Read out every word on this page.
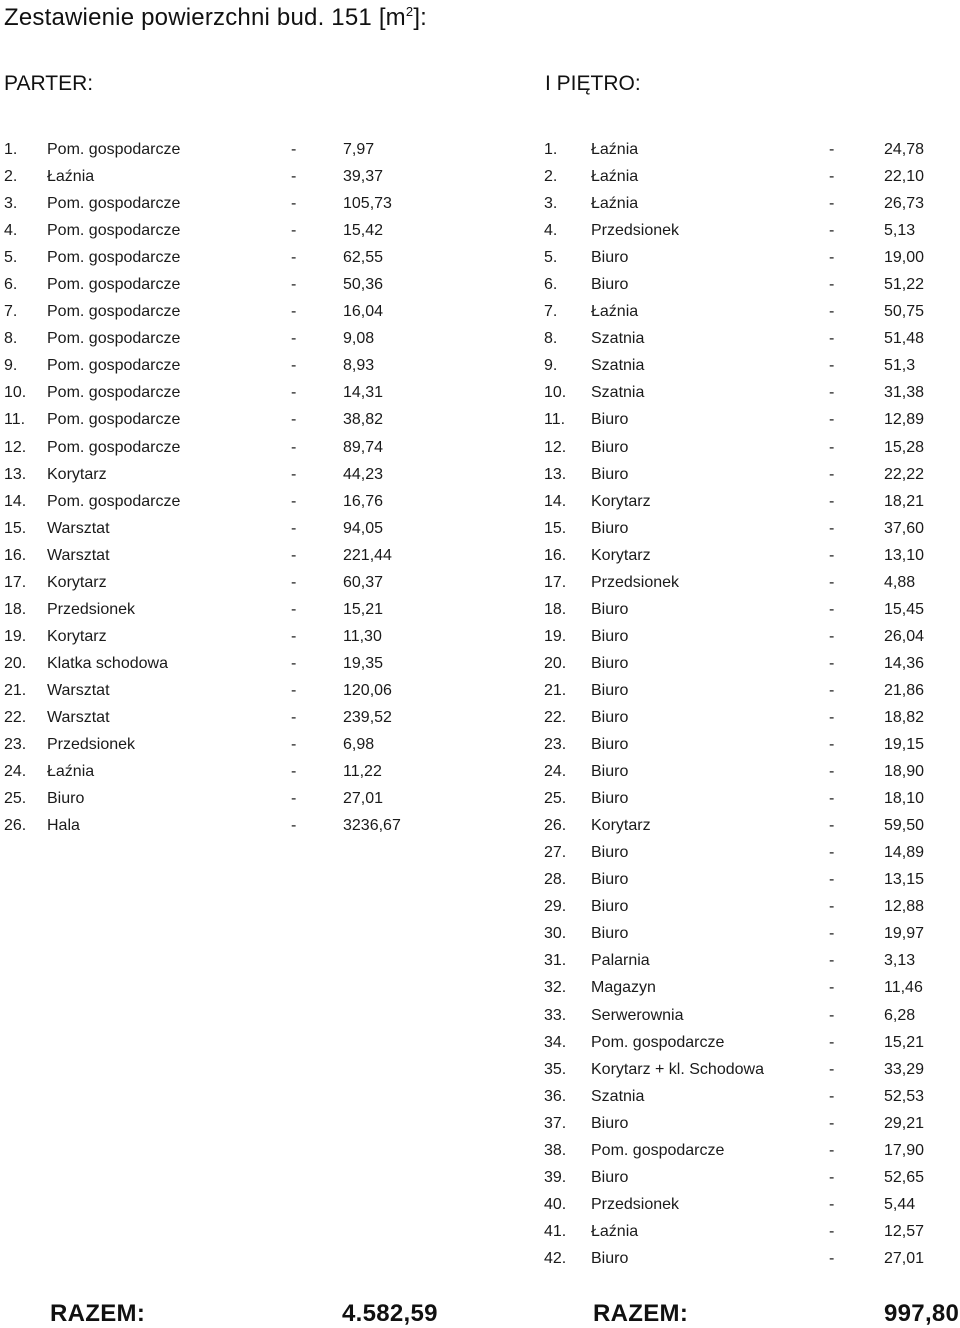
Zestawienie powierzchni bud. 151 $[m^2]$:
PARTER:	I PIĘTRO:
1. Pom. gospodarcze	-	7,97
2. Łaźnia	-	39,37
3. Pom. gospodarcze	-	105,73
4. Pom. gospodarcze	-	15,42
5. Pom. gospodarcze	-	62,55
6. Pom. gospodarcze	-	50,36
7. Pom. gospodarcze	-	16,04
8. Pom. gospodarcze	-	9,08
9. Pom. gospodarcze	-	8,93
10. Pom. gospodarcze	-	14,31
11. Pom. gospodarcze	-	38,82
12. Pom. gospodarcze	-	89,74
13. Korytarz	-	44,23
14. Pom. gospodarcze	-	16,76
15. Warsztat	-	94,05
16. Warsztat	-	221,44
17. Korytarz	-	60,37
18. Przedsionek	-	15,21
19. Korytarz	-	11,30
20. Klatka schodowa	-	19,35
21. Warsztat	-	120,06
22. Warsztat	-	239,52
23. Przedsionek	-	6,98
24. Łaźnia	-	11,22
25. Biuro	-	27,01
26. Hala	-	3236,67
1. Łaźnia	-	24,78
2. Łaźnia	-	22,10
3. Łaźnia	-	26,73
4. Przedsionek	-	5,13
5. Biuro	-	19,00
6. Biuro	-	51,22
7. Łaźnia	-	50,75
8. Szatnia	-	51,48
9. Szatnia	-	51,3
10. Szatnia	-	31,38
11. Biuro	-	12,89
12. Biuro	-	15,28
13. Biuro	-	22,22
14. Korytarz	-	18,21
15. Biuro	-	37,60
16. Korytarz	-	13,10
17. Przedsionek	-	4,88
18. Biuro	-	15,45
19. Biuro	-	26,04
20. Biuro	-	14,36
21. Biuro	-	21,86
22. Biuro	-	18,82
23. Biuro	-	19,15
24. Biuro	-	18,90
25. Biuro	-	18,10
26. Korytarz	-	59,50
27. Biuro	-	14,89
28. Biuro	-	13,15
29. Biuro	-	12,88
30. Biuro	-	19,97
31. Palarnia	-	3,13
32. Magazyn	-	11,46
33. Serwerownia	-	6,28
34. Pom. gospodarcze	-	15,21
35. Korytarz + kl. Schodowa	-	33,29
36. Szatnia	-	52,53
37. Biuro	-	29,21
38. Pom. gospodarcze	-	17,90
39. Biuro	-	52,65
40. Przedsionek	-	5,44
41. Łaźnia	-	12,57
42. Biuro	-	27,01
RAZEM:	4.582,59	RAZEM:	997,80
